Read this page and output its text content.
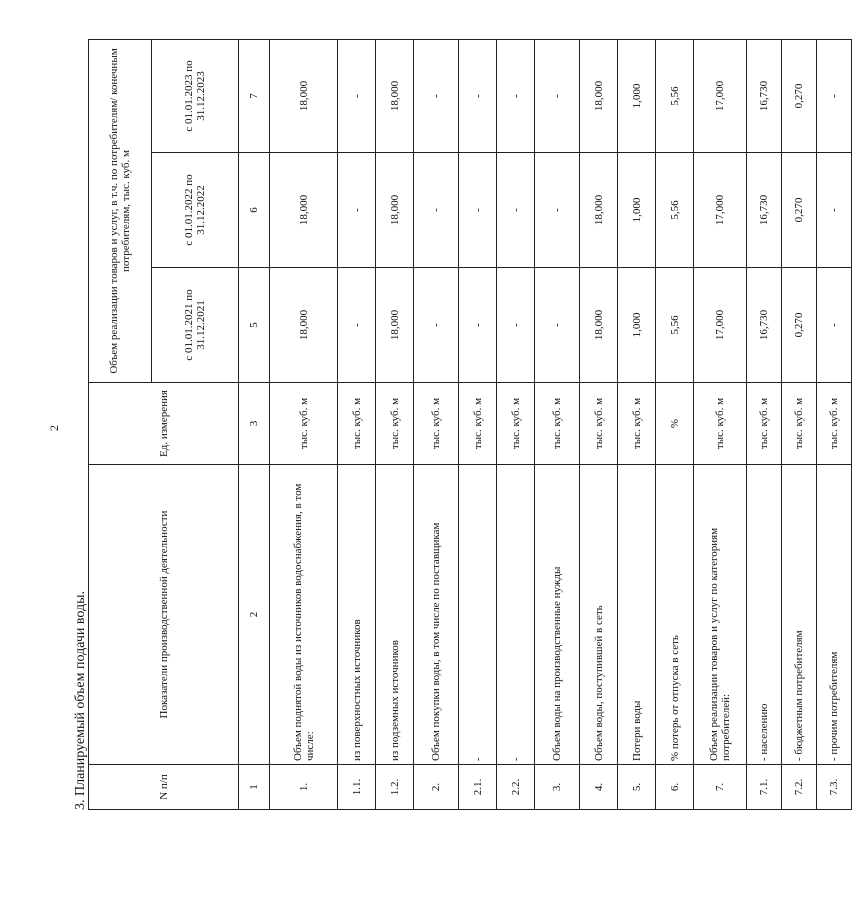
2
3. Планируемый объем подачи воды.	N п/п	Показатели производственной деятельности	Ед. измерения	Объем реализации товаров и услуг, в т.ч. по потребителям/ конечным потребителям, тыс. куб. м		
			с 01.01.2021 по 31.12.2021	с 01.01.2022 по 31.12.2022	с 01.01.2023 по 31.12.2023
1	2	3	5	6	7
1.	Объем поднятой воды из источников водоснабжения, в том числе:	тыс. куб. м	18,000	18,000	18,000
1.1.	из поверхностных источников	тыс. куб. м	-	-	-
1.2.	из подземных источников	тыс. куб. м	18,000	18,000	18,000
2.	Объем покупки воды, в том числе по поставщикам	тыс. куб. м	-	-	-
2.1.	-	тыс. куб. м	-	-	-
2.2.	-	тыс. куб. м	-	-	-
3.	Объем воды на производственные нужды	тыс. куб. м	-	-	-
4.	Объем воды, поступившей в сеть	тыс. куб. м	18,000	18,000	18,000
5.	Потери воды	тыс. куб. м	1,000	1,000	1,000
6.	% потерь от отпуска в сеть	%	5,56	5,56	5,56
7.	Объем реализации товаров и услуг по категориям потребителей:	тыс. куб. м	17,000	17,000	17,000
7.1.	- населению	тыс. куб. м	16,730	16,730	16,730
7.2.	- бюджетным потребителям	тыс. куб. м	0,270	0,270	0,270
7.3.	- прочим потребителям	тыс. куб. м	-	-	-
